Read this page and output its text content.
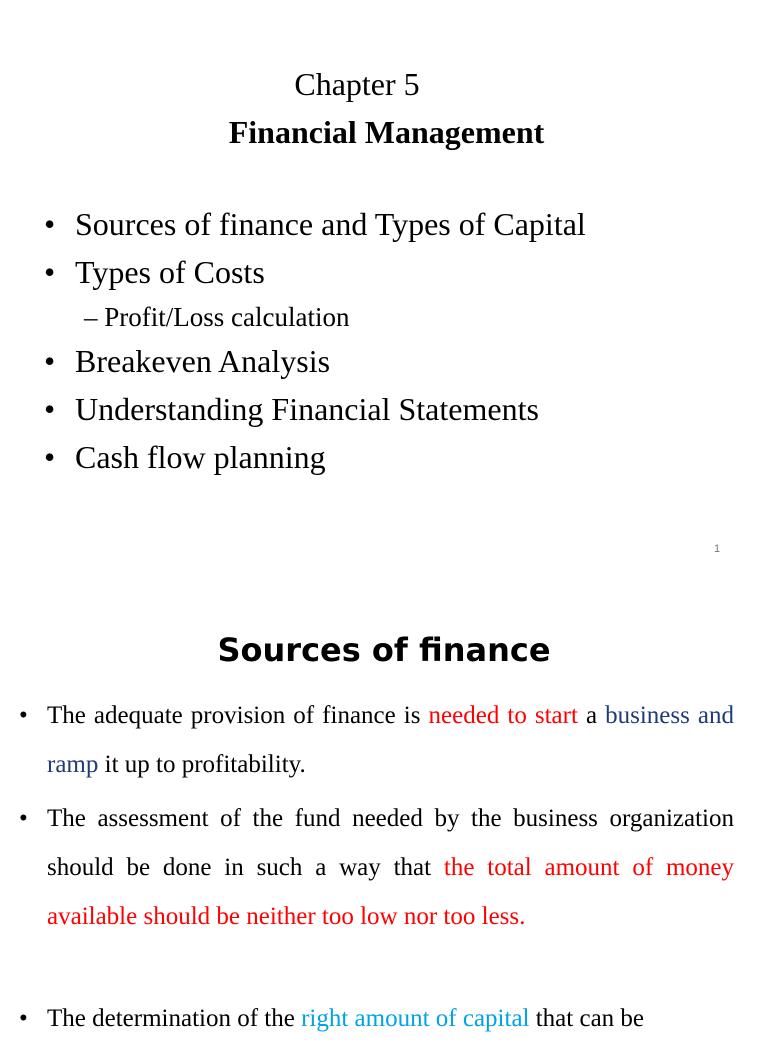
Chapter 5
Financial Management
• Sources of finance and Types of Capital
• Types of Costs
– Profit/Loss calculation
• Breakeven Analysis
• Understanding Financial Statements
• Cash flow planning
1
Sources of finance
• The adequate provision of finance is needed to start a business and ramp it up to profitability.
• The assessment of the fund needed by the business organization should be done in such a way that the total amount of money available should be neither too low nor too less.
• The determination of the right amount of capital that can be
